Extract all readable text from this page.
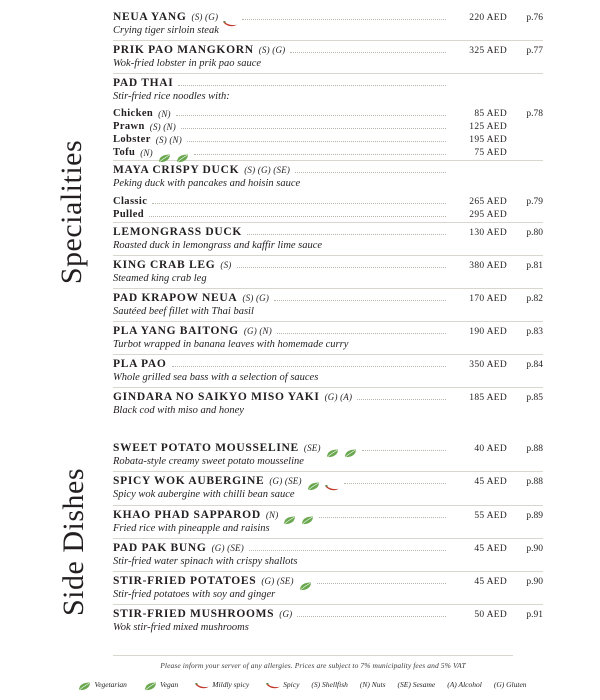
Specialities
Side Dishes
NEUA YANG (S) (G)	220 AED	p.76
Crying tiger sirloin steak
PRIK PAO MANGKORN (S) (G)	325 AED	p.77
Wok-fried lobster in prik pao sauce
PAD THAI
Stir-fried rice noodles with:
Chicken (N)	85 AED	p.78
Prawn (S) (N)	125 AED
Lobster (S) (N)	195 AED
Tofu (N)	75 AED
MAYA CRISPY DUCK (S) (G) (SE)
Peking duck with pancakes and hoisin sauce
Classic	265 AED	p.79
Pulled	295 AED
LEMONGRASS DUCK	130 AED	p.80
Roasted duck in lemongrass and kaffir lime sauce
KING CRAB LEG (S)	380 AED	p.81
Steamed king crab leg
PAD KRAPOW NEUA (S) (G)	170 AED	p.82
Sautéed beef fillet with Thai basil
PLA YANG BAITONG (G) (N)	190 AED	p.83
Turbot wrapped in banana leaves with homemade curry
PLA PAO	350 AED	p.84
Whole grilled sea bass with a selection of sauces
GINDARA NO SAIKYO MISO YAKI (G) (A)	185 AED	p.85
Black cod with miso and honey
SWEET POTATO MOUSSELINE (SE)	40 AED	p.88
Robata-style creamy sweet potato mousseline
SPICY WOK AUBERGINE (G) (SE)	45 AED	p.88
Spicy wok aubergine with chilli bean sauce
KHAO PHAD SAPPAROD (N)	55 AED	p.89
Fried rice with pineapple and raisins
PAD PAK BUNG (G) (SE)	45 AED	p.90
Stir-fried water spinach with crispy shallots
STIR-FRIED POTATOES (G) (SE)	45 AED	p.90
Stir-fried potatoes with soy and ginger
STIR-FRIED MUSHROOMS (G)	50 AED	p.91
Wok stir-fried mixed mushrooms
Please inform your server of any allergies. Prices are subject to 7% municipality fees and 5% VAT
Vegetarian	Vegan	Mildly spicy	Spicy (S) Shellfish (N) Nuts (SE) Sesame (A) Alcohol (G) Gluten
